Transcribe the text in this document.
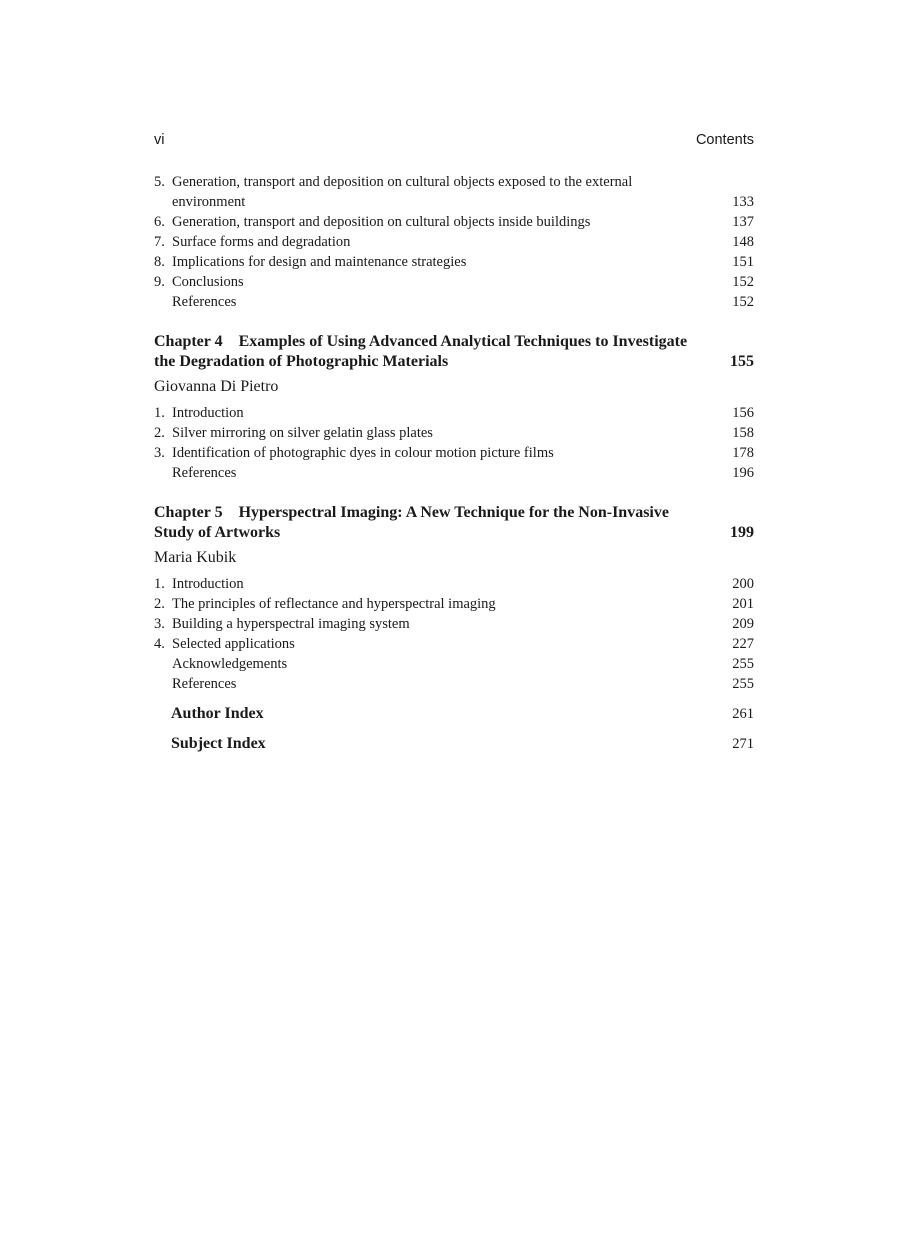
vi	Contents
5. Generation, transport and deposition on cultural objects exposed to the external environment	133
6. Generation, transport and deposition on cultural objects inside buildings	137
7. Surface forms and degradation	148
8. Implications for design and maintenance strategies	151
9. Conclusions	152
References	152
Chapter 4 Examples of Using Advanced Analytical Techniques to Investigate the Degradation of Photographic Materials	155
Giovanna Di Pietro
1. Introduction	156
2. Silver mirroring on silver gelatin glass plates	158
3. Identification of photographic dyes in colour motion picture films	178
References	196
Chapter 5 Hyperspectral Imaging: A New Technique for the Non-Invasive Study of Artworks	199
Maria Kubik
1. Introduction	200
2. The principles of reflectance and hyperspectral imaging	201
3. Building a hyperspectral imaging system	209
4. Selected applications	227
Acknowledgements	255
References	255
Author Index	261
Subject Index	271
